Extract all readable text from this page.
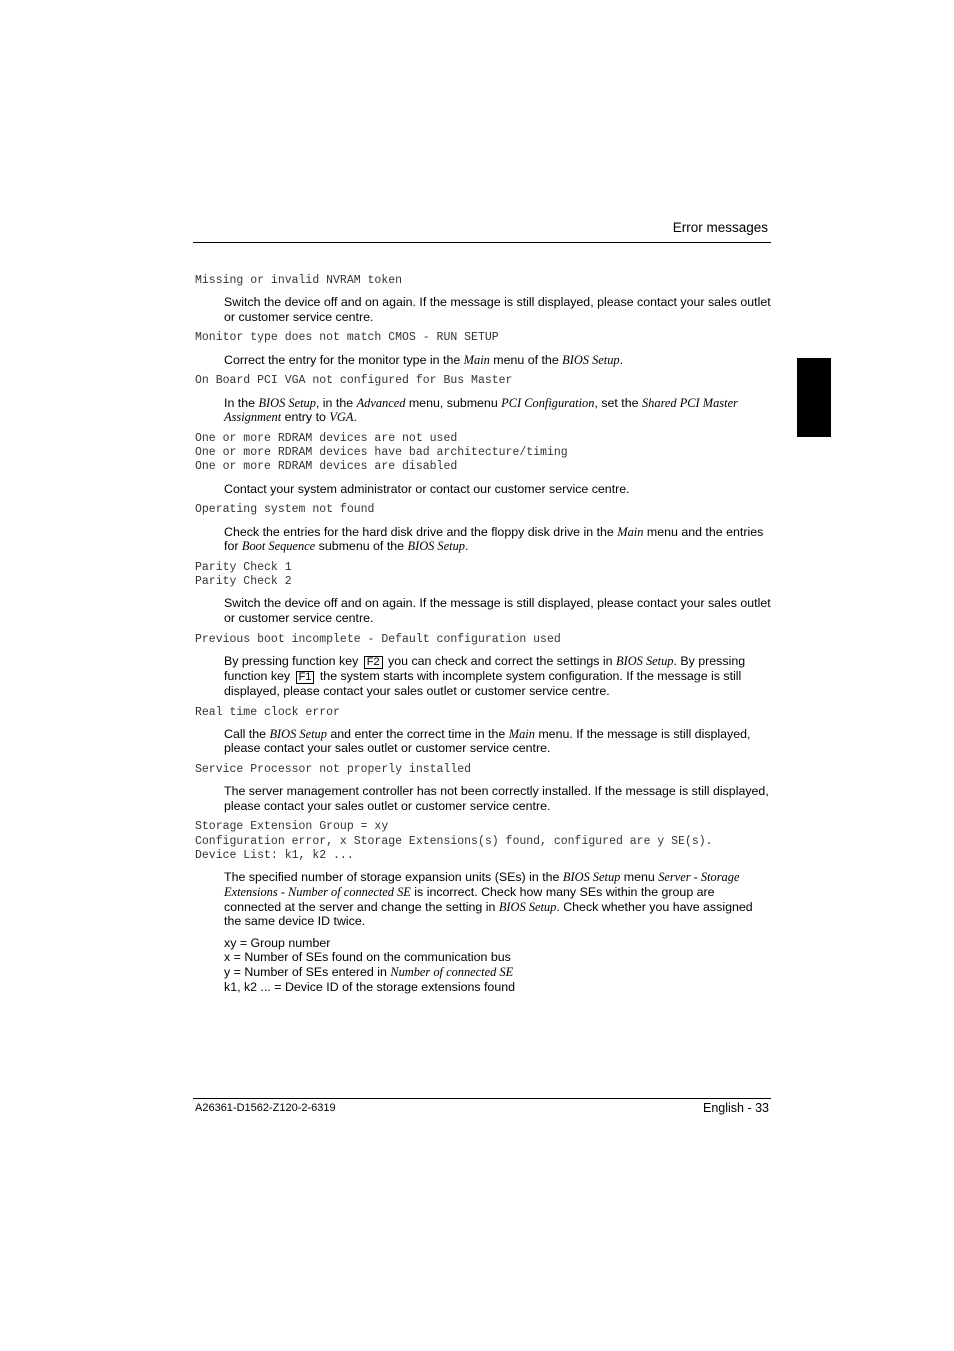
Error messages
Missing or invalid NVRAM token
Switch the device off and on again. If the message is still displayed, please contact your sales outlet or customer service centre.
Monitor type does not match CMOS - RUN SETUP
Correct the entry for the monitor type in the Main menu of the BIOS Setup.
On Board PCI VGA not configured for Bus Master
In the BIOS Setup, in the Advanced menu, submenu PCI Configuration, set the Shared PCI Master Assignment entry to VGA.
One or more RDRAM devices are not used
One or more RDRAM devices have bad architecture/timing
One or more RDRAM devices are disabled
Contact your system administrator or contact our customer service centre.
Operating system not found
Check the entries for the hard disk drive and the floppy disk drive in the Main menu and the entries for Boot Sequence submenu of the BIOS Setup.
Parity Check 1
Parity Check 2
Switch the device off and on again. If the message is still displayed, please contact your sales outlet or customer service centre.
Previous boot incomplete - Default configuration used
By pressing function key F2 you can check and correct the settings in BIOS Setup. By pressing function key F1 the system starts with incomplete system configuration. If the message is still displayed, please contact your sales outlet or customer service centre.
Real time clock error
Call the BIOS Setup and enter the correct time in the Main menu. If the message is still displayed, please contact your sales outlet or customer service centre.
Service Processor not properly installed
The server management controller has not been correctly installed. If the message is still displayed, please contact your sales outlet or customer service centre.
Storage Extension Group = xy
Configuration error, x Storage Extensions(s) found, configured are y SE(s).
Device List: k1, k2 ...
The specified number of storage expansion units (SEs) in the BIOS Setup menu Server - Storage Extensions - Number of connected SE is incorrect. Check how many SEs within the group are connected at the server and change the setting in BIOS Setup. Check whether you have assigned the same device ID twice.
xy = Group number
x = Number of SEs found on the communication bus
y = Number of SEs entered in Number of connected SE
k1, k2 ... = Device ID of the storage extensions found
A26361-D1562-Z120-2-6319	English - 33
